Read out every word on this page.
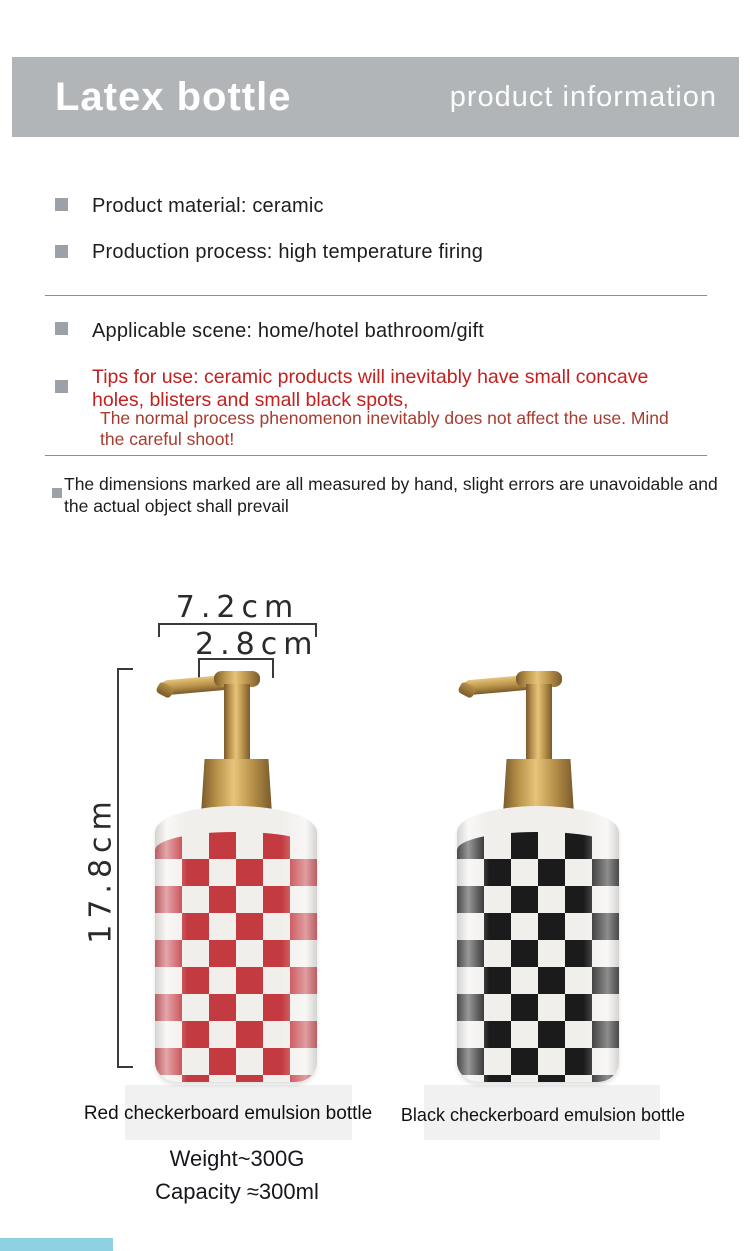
Latex bottle	product information
Product material: ceramic
Production process: high temperature firing
Applicable scene: home/hotel bathroom/gift
Tips for use: ceramic products will inevitably have small concave holes, blisters and small black spots,
The normal process phenomenon inevitably does not affect the use. Mind the careful shoot!
The dimensions marked are all measured by hand, slight errors are unavoidable and the actual object shall prevail
7.2cm
2.8cm
17.8cm
Red checkerboard emulsion bottle	Black checkerboard emulsion bottle
Weight~300G
Capacity ≈300ml
